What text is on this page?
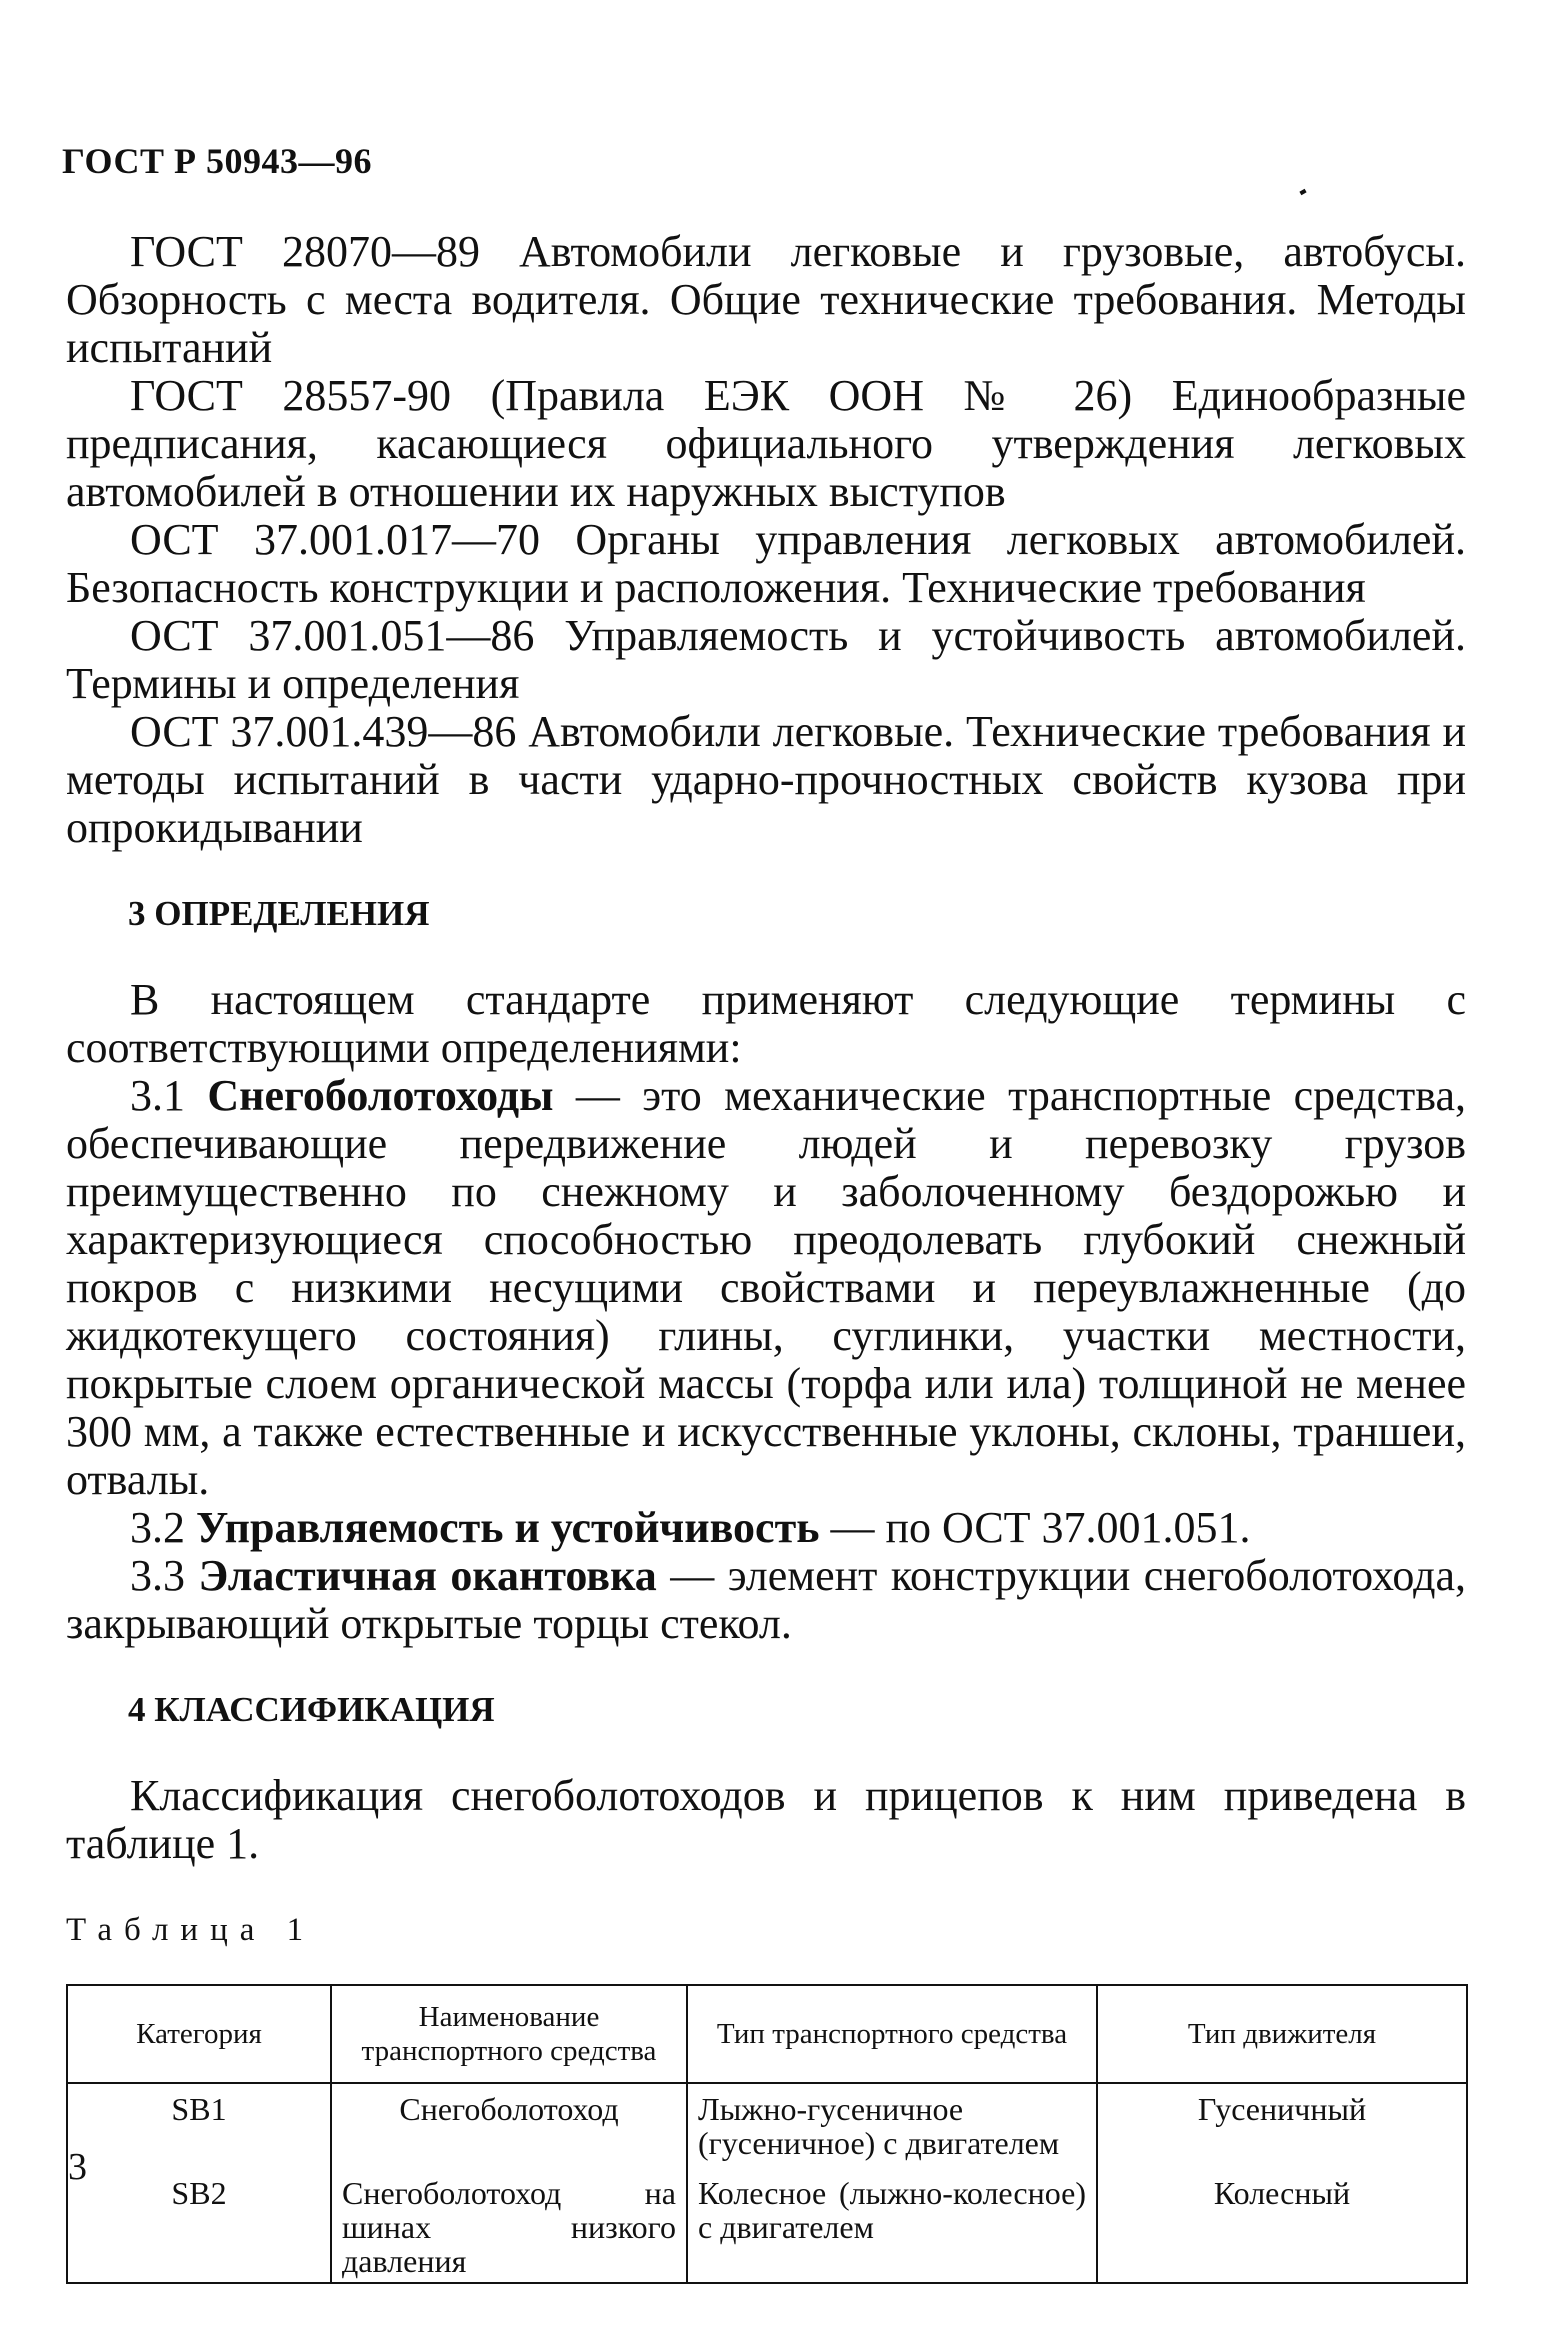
ГОСТ Р 50943—96

ГОСТ 28070—89 Автомобили легковые и грузовые, автобусы. Обзорность с места водителя. Общие технические требования. Методы испытаний

ГОСТ 28557-90 (Правила ЕЭК ООН № 26) Единообразные предписания, касающиеся официального утверждения легковых автомобилей в отношении их наружных выступов

ОСТ 37.001.017—70 Органы управления легковых автомобилей. Безопасность конструкции и расположения. Технические требования

ОСТ 37.001.051—86 Управляемость и устойчивость автомобилей. Термины и определения

ОСТ 37.001.439—86 Автомобили легковые. Технические требования и методы испытаний в части ударно-прочностных свойств кузова при опрокидывании

3 ОПРЕДЕЛЕНИЯ

В настоящем стандарте применяют следующие термины с соответствующими определениями:

3.1 Снегоболотоходы — это механические транспортные средства, обеспечивающие передвижение людей и перевозку грузов преимущественно по снежному и заболоченному бездорожью и характеризующиеся способностью преодолевать глубокий снежный покров с низкими несущими свойствами и переувлажненные (до жидкотекущего состояния) глины, суглинки, участки местности, покрытые слоем органической массы (торфа или ила) толщиной не менее 300 мм, а также естественные и искусственные уклоны, склоны, траншеи, отвалы.

3.2 Управляемость и устойчивость — по ОСТ 37.001.051.

3.3 Эластичная окантовка — элемент конструкции снегоболотохода, закрывающий открытые торцы стекол.

4 КЛАССИФИКАЦИЯ

Классификация снегоболотоходов и прицепов к ним приведена в таблице 1.

Таблица 1

Категория	Наименование транспортного средства	Тип транспортного средства	Тип движителя
SB1	Снегоболотоход	Лыжно-гусеничное (гусеничное) с двигателем	Гусеничный
SB2	Снегоболотоход на шинах низкого давления	Колесное (лыжно-колесное) с двигателем	Колесный
3
